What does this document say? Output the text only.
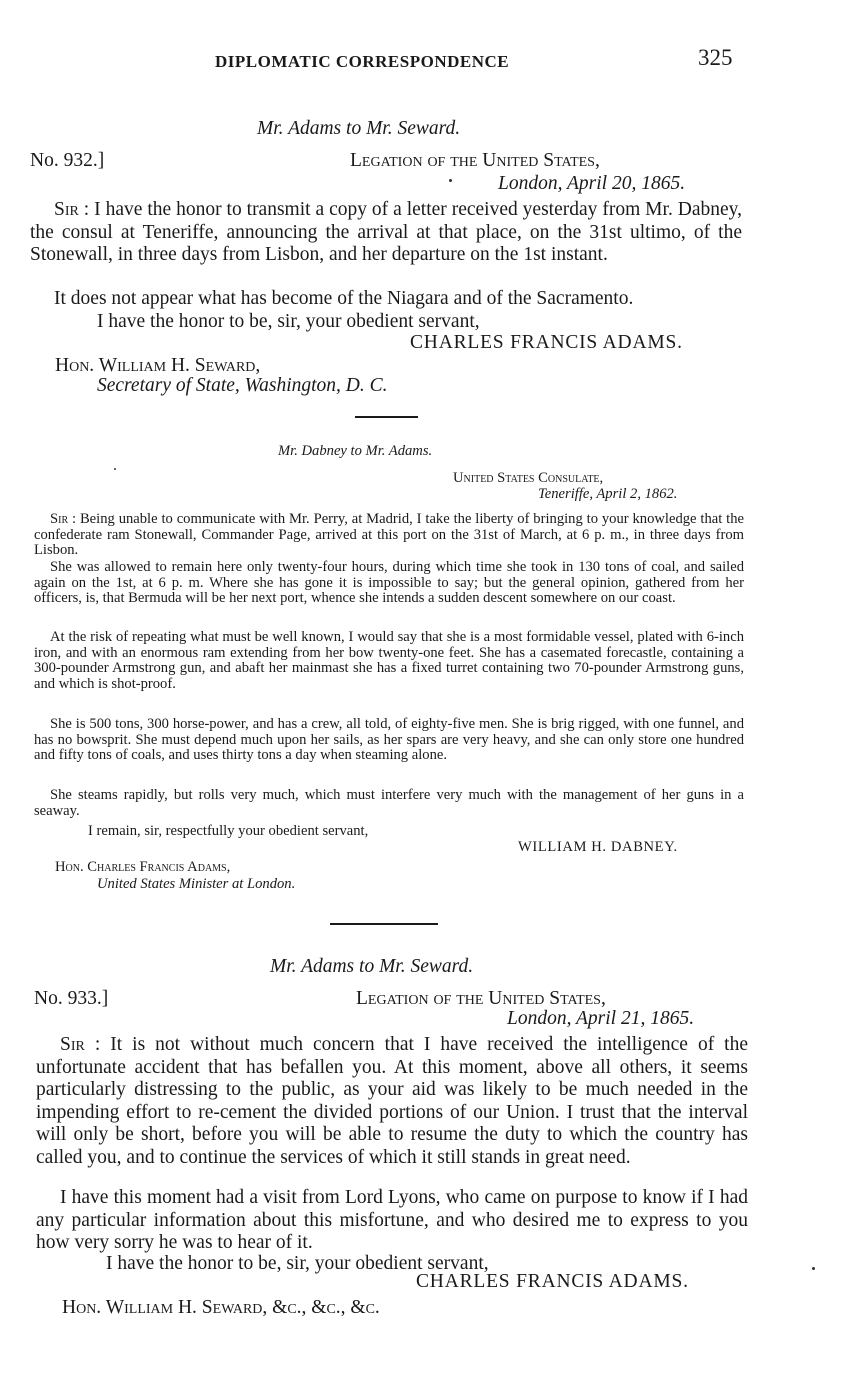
DIPLOMATIC CORRESPONDENCE	325
Mr. Adams to Mr. Seward.
No. 932.]	Legation of the United States,
London, April 20, 1865.
Sir : I have the honor to transmit a copy of a letter received yesterday from Mr. Dabney, the consul at Teneriffe, announcing the arrival at that place, on the 31st ultimo, of the Stonewall, in three days from Lisbon, and her departure on the 1st instant.
It does not appear what has become of the Niagara and of the Sacramento.
I have the honor to be, sir, your obedient servant,
CHARLES FRANCIS ADAMS.
Hon. William H. Seward,
Secretary of State, Washington, D. C.
Mr. Dabney to Mr. Adams.
United States Consulate,
Teneriffe, April 2, 1862.
Sir : Being unable to communicate with Mr. Perry, at Madrid, I take the liberty of bringing to your knowledge that the confederate ram Stonewall, Commander Page, arrived at this port on the 31st of March, at 6 p. m., in three days from Lisbon.
She was allowed to remain here only twenty-four hours, during which time she took in 130 tons of coal, and sailed again on the 1st, at 6 p. m. Where she has gone it is impossible to say; but the general opinion, gathered from her officers, is, that Bermuda will be her next port, whence she intends a sudden descent somewhere on our coast.
At the risk of repeating what must be well known, I would say that she is a most formidable vessel, plated with 6-inch iron, and with an enormous ram extending from her bow twenty-one feet. She has a casemated forecastle, containing a 300-pounder Armstrong gun, and abaft her mainmast she has a fixed turret containing two 70-pounder Armstrong guns, and which is shot-proof.
She is 500 tons, 300 horse-power, and has a crew, all told, of eighty-five men. She is brig rigged, with one funnel, and has no bowsprit. She must depend much upon her sails, as her spars are very heavy, and she can only store one hundred and fifty tons of coals, and uses thirty tons a day when steaming alone.
She steams rapidly, but rolls very much, which must interfere very much with the management of her guns in a seaway.
I remain, sir, respectfully your obedient servant,
WILLIAM H. DABNEY.
Hon. Charles Francis Adams,
United States Minister at London.
Mr. Adams to Mr. Seward.
No. 933.]	Legation of the United States,
London, April 21, 1865.
Sir : It is not without much concern that I have received the intelligence of the unfortunate accident that has befallen you. At this moment, above all others, it seems particularly distressing to the public, as your aid was likely to be much needed in the impending effort to re-cement the divided portions of our Union. I trust that the interval will only be short, before you will be able to resume the duty to which the country has called you, and to continue the services of which it still stands in great need.
I have this moment had a visit from Lord Lyons, who came on purpose to know if I had any particular information about this misfortune, and who desired me to express to you how very sorry he was to hear of it.
I have the honor to be, sir, your obedient servant,
CHARLES FRANCIS ADAMS.
Hon. William H. Seward, &c., &c., &c.
